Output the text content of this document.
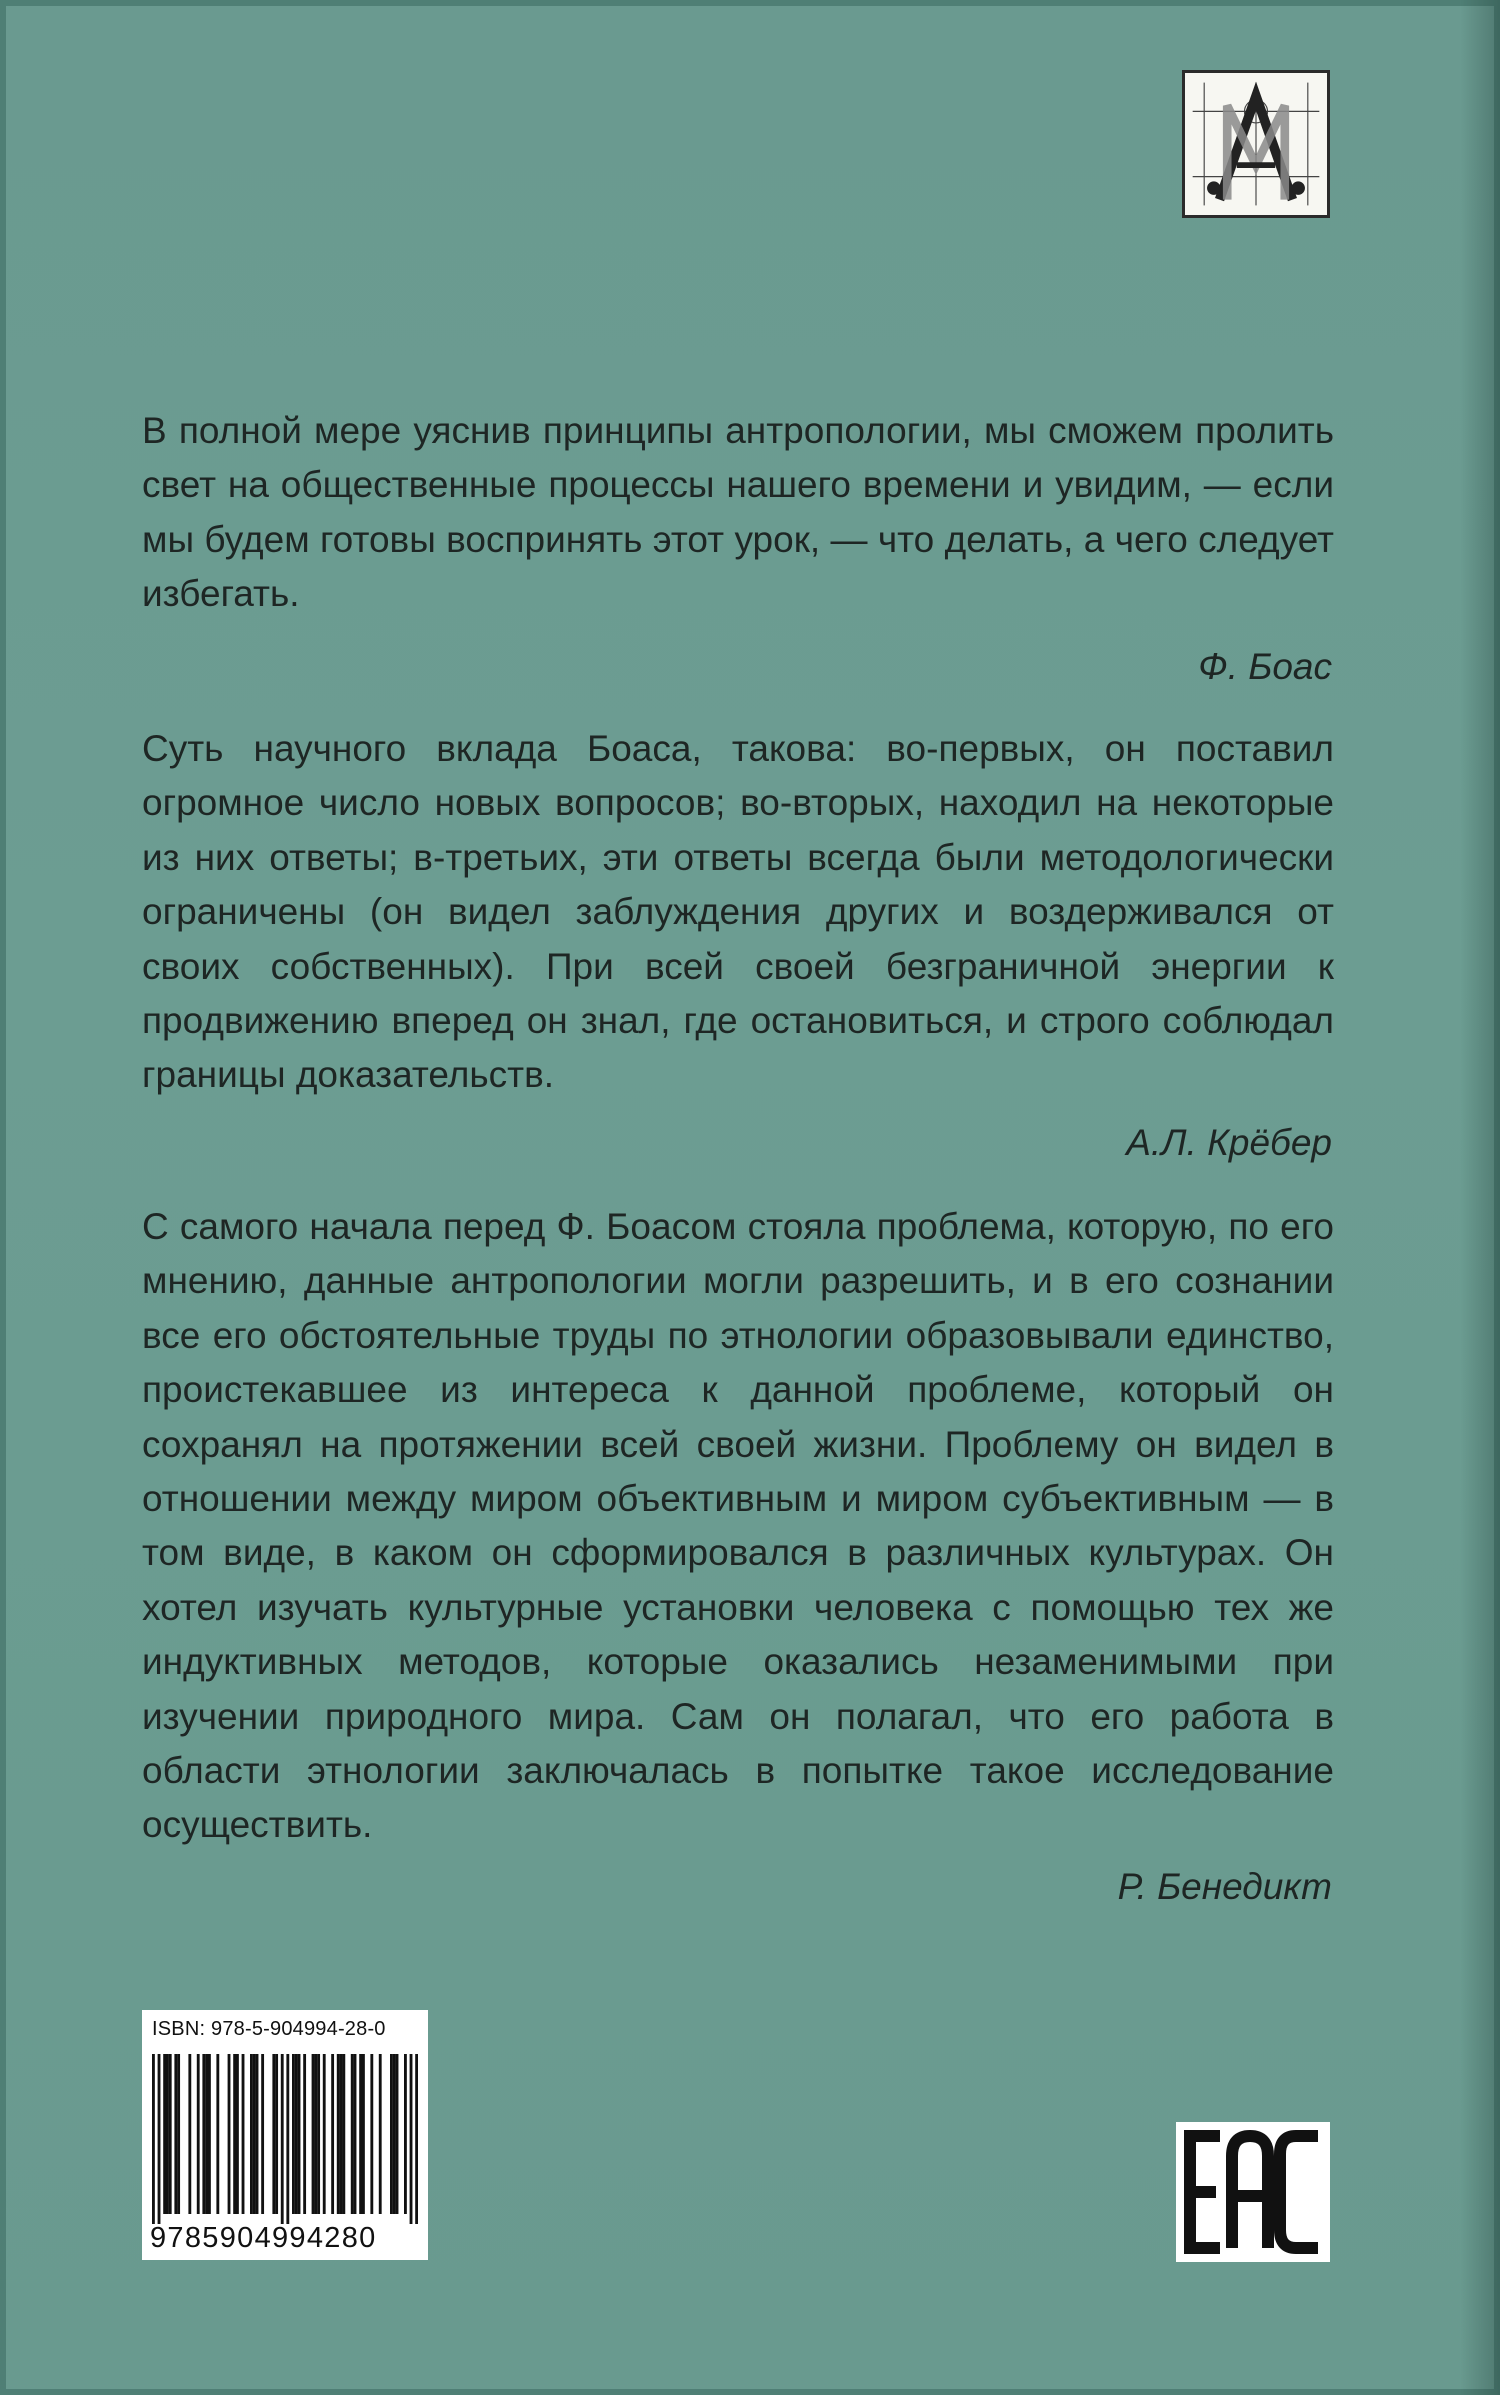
В полной мере уяснив принципы антропологии, мы сможем пролить свет на общественные процессы нашего времени и увидим, — если мы будем готовы воспринять этот урок, — что делать, а чего следует избегать.

Ф. Боас

Суть научного вклада Боаса, такова: во-первых, он поставил огромное число новых вопросов; во-вторых, находил на некоторые из них ответы; в-третьих, эти ответы всегда были методологически ограничены (он видел заблуждения других и воздерживался от своих собственных). При всей своей безграничной энергии к продвижению вперед он знал, где остановиться, и строго соблюдал границы доказательств.

А.Л. Крёбер

С самого начала перед Ф. Боасом стояла проблема, которую, по его мнению, данные антропологии могли разрешить, и в его сознании все его обстоятельные труды по этнологии образовывали единство, проистекавшее из интереса к данной проблеме, который он сохранял на протяжении всей своей жизни. Проблему он видел в отношении между миром объективным и миром субъективным — в том виде, в каком он сформировался в различных культурах. Он хотел изучать культурные установки человека с помощью тех же индуктивных методов, которые оказались незаменимыми при изучении природного мира. Сам он полагал, что его работа в области этнологии заключалась в попытке такое исследование осуществить.

Р. Бенедикт
ISBN: 978-5-904994-28-0
9785904994280
